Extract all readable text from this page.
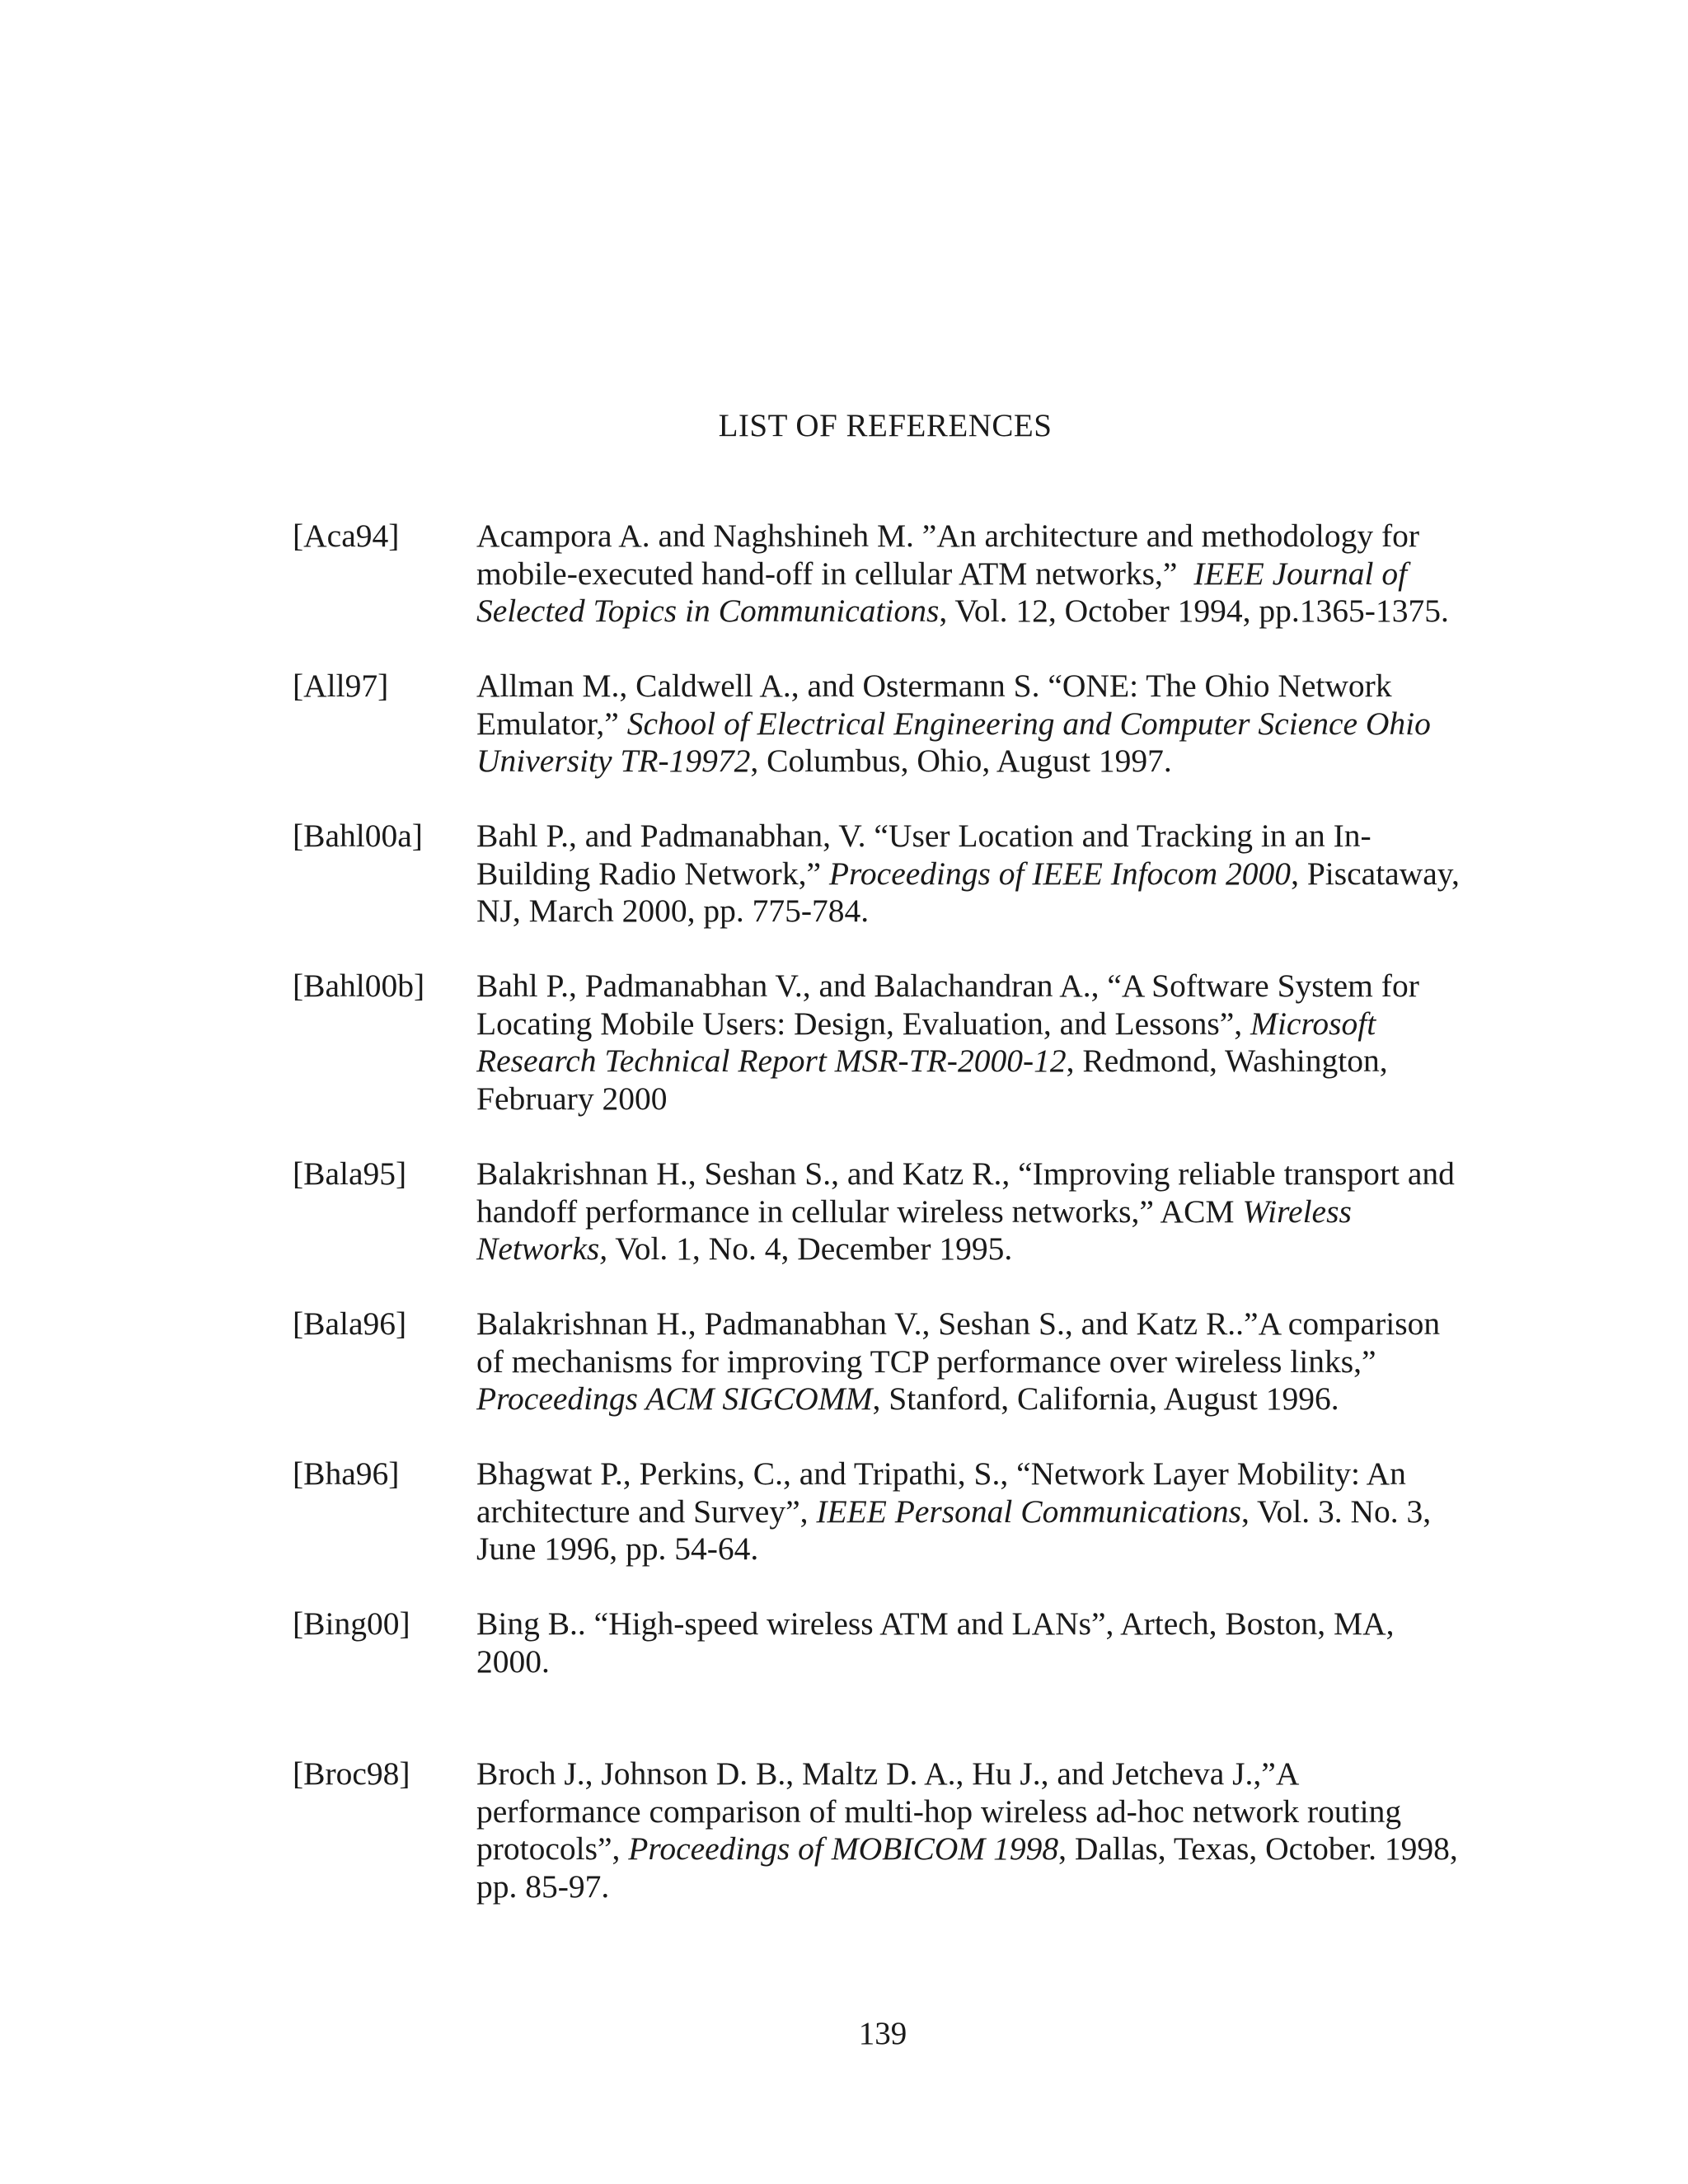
LIST OF REFERENCES
[Aca94]	Acampora A. and Naghshineh M. ”An architecture and methodology for
mobile-executed hand-off in cellular ATM networks,” IEEE Journal of
Selected Topics in Communications, Vol. 12, October 1994, pp.1365-1375.
[All97]	Allman M., Caldwell A., and Ostermann S. “ONE: The Ohio Network
Emulator,” School of Electrical Engineering and Computer Science Ohio
University TR-19972, Columbus, Ohio, August 1997.
[Bahl00a]	Bahl P., and Padmanabhan, V. “User Location and Tracking in an In-
Building Radio Network,” Proceedings of IEEE Infocom 2000, Piscataway,
NJ, March 2000, pp. 775-784.
[Bahl00b]	Bahl P., Padmanabhan V., and Balachandran A., “A Software System for
Locating Mobile Users: Design, Evaluation, and Lessons”, Microsoft
Research Technical Report MSR-TR-2000-12, Redmond, Washington,
February 2000
[Bala95]	Balakrishnan H., Seshan S., and Katz R., “Improving reliable transport and
handoff performance in cellular wireless networks,” ACM Wireless
Networks, Vol. 1, No. 4, December 1995.
[Bala96]	Balakrishnan H., Padmanabhan V., Seshan S., and Katz R..”A comparison
of mechanisms for improving TCP performance over wireless links,”
Proceedings ACM SIGCOMM, Stanford, California, August 1996.
[Bha96]	Bhagwat P., Perkins, C., and Tripathi, S., “Network Layer Mobility: An
architecture and Survey”, IEEE Personal Communications, Vol. 3. No. 3,
June 1996, pp. 54-64.
[Bing00]	Bing B.. “High-speed wireless ATM and LANs”, Artech, Boston, MA,
2000.
[Broc98]	Broch J., Johnson D. B., Maltz D. A., Hu J., and Jetcheva J.,”A
performance comparison of multi-hop wireless ad-hoc network routing
protocols”, Proceedings of MOBICOM 1998, Dallas, Texas, October. 1998,
pp. 85-97.
139
